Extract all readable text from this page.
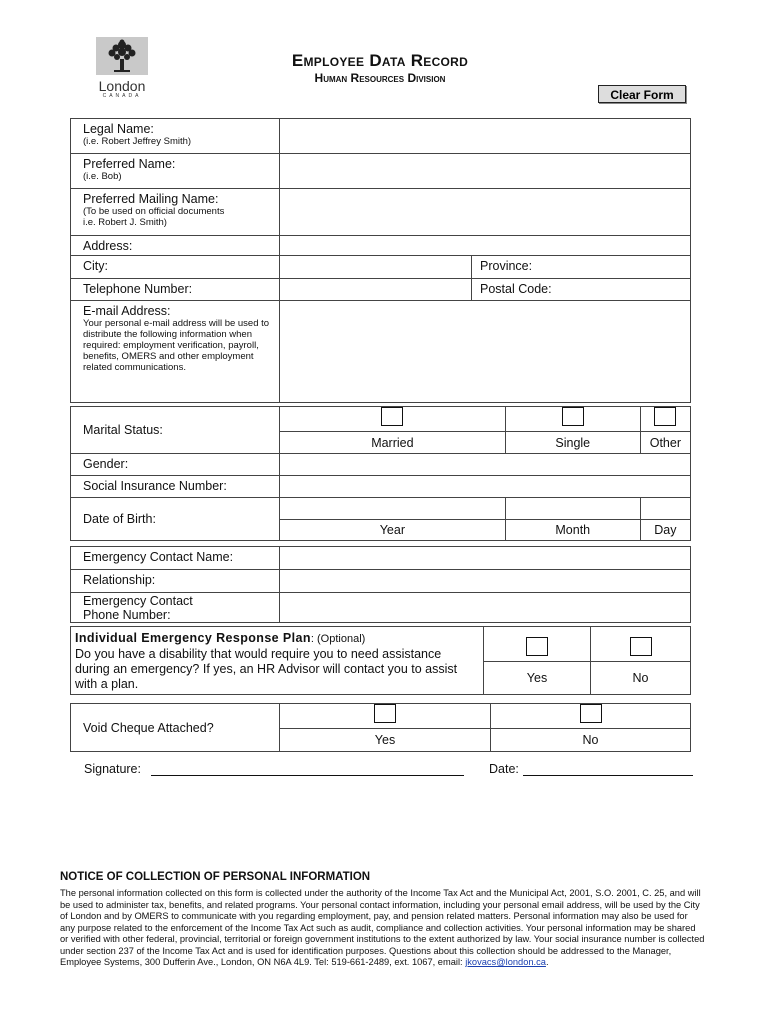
London
CANADA
Employee Data Record
Human Resources Division
Clear Form
Legal Name:
(i.e. Robert Jeffrey Smith)		

Preferred Name:
(i.e. Bob)		

Preferred Mailing Name:
(To be used on official documents
i.e. Robert J. Smith)		

Address:		

City:		Province:

Telephone Number:		Postal Code:

E-mail Address:
Your personal e-mail address will be used to distribute the following information when required: employment verification, payroll, benefits, OMERS and other employment related communications.		

Marital Status:			
	Married	Single	Other

Gender:			

Social Insurance Number:			

Date of Birth:			
	Year	Month	Day
Emergency Contact Name:	

Relationship:	

Emergency Contact
Phone Number:	

Individual Emergency Response Plan: (Optional)
Do you have a disability that would require you to need assistance during an emergency? If yes, an HR Advisor will contact you to assist with a plan.		
	Yes	No
Void Cheque Attached?		
	Yes	No
Signature:	Date:
NOTICE OF COLLECTION OF PERSONAL INFORMATION
The personal information collected on this form is collected under the authority of the Income Tax Act and the Municipal Act, 2001, S.O. 2001, C. 25, and will be used to administer tax, benefits, and related programs. Your personal contact information, including your personal email address, will be used by the City of London and by OMERS to communicate with you regarding employment, pay, and pension related matters. Personal information may also be used for any purpose related to the enforcement of the Income Tax Act such as audit, compliance and collection activities. Your personal information may be shared or verified with other federal, provincial, territorial or foreign government institutions to the extent authorized by law. Your social insurance number is collected under section 237 of the Income Tax Act and is used for identification purposes. Questions about this collection should be addressed to the Manager, Employee Systems, 300 Dufferin Ave., London, ON N6A 4L9. Tel: 519-661-2489, ext. 1067, email: jkovacs@london.ca.
